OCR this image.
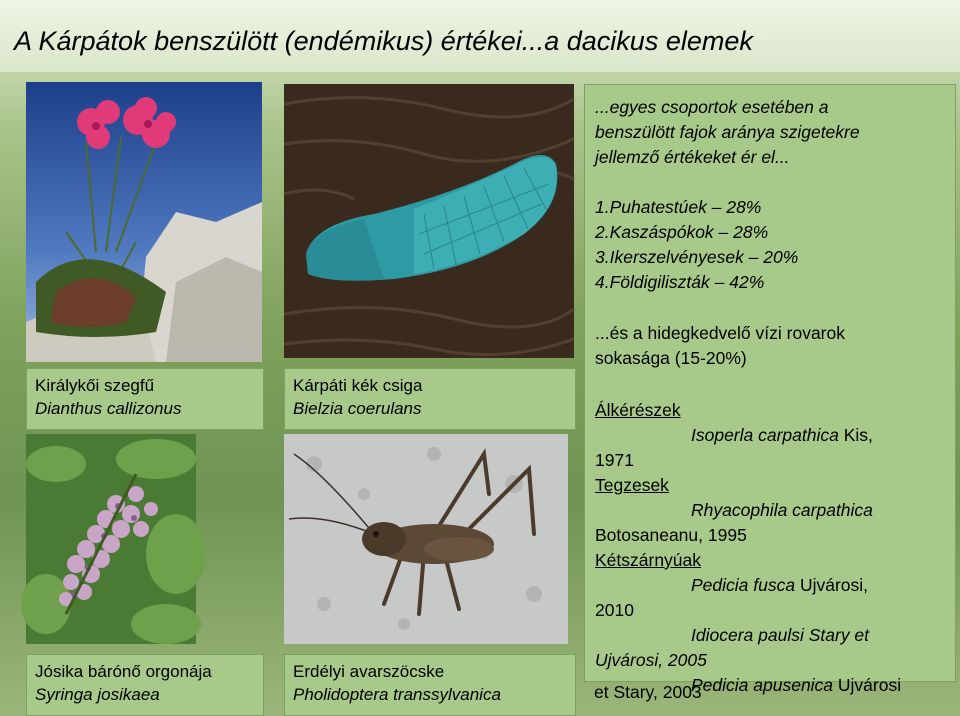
A Kárpátok benszülött (endémikus) értékei...a dacikus elemek
Királykői szegfű
Dianthus callizonus
Kárpáti kék csiga
Bielzia coerulans
Jósika bárónő orgonája
Syringa josikaea
Erdélyi avarszöcske
Pholidoptera transsylvanica
...egyes csoportok esetében a
benszülött fajok aránya szigetekre
jellemző értékeket ér el...
1.Puhatestúek – 28%
2.Kaszáspókok – 28%
3.Ikerszelvényesek – 20%
4.Földigiliszták – 42%
...és a hidegkedvelő vízi rovarok
sokasága (15-20%)
Álkérészek
Isoperla carpathica Kis,
1971
Tegzesek
Rhyacophila carpathica
Botosaneanu, 1995
Kétszárnyúak
Pedicia fusca Ujvárosi,
2010
Idiocera paulsi Stary et
Ujvárosi, 2005
Pedicia apusenica Ujvárosi
et Stary, 2003
